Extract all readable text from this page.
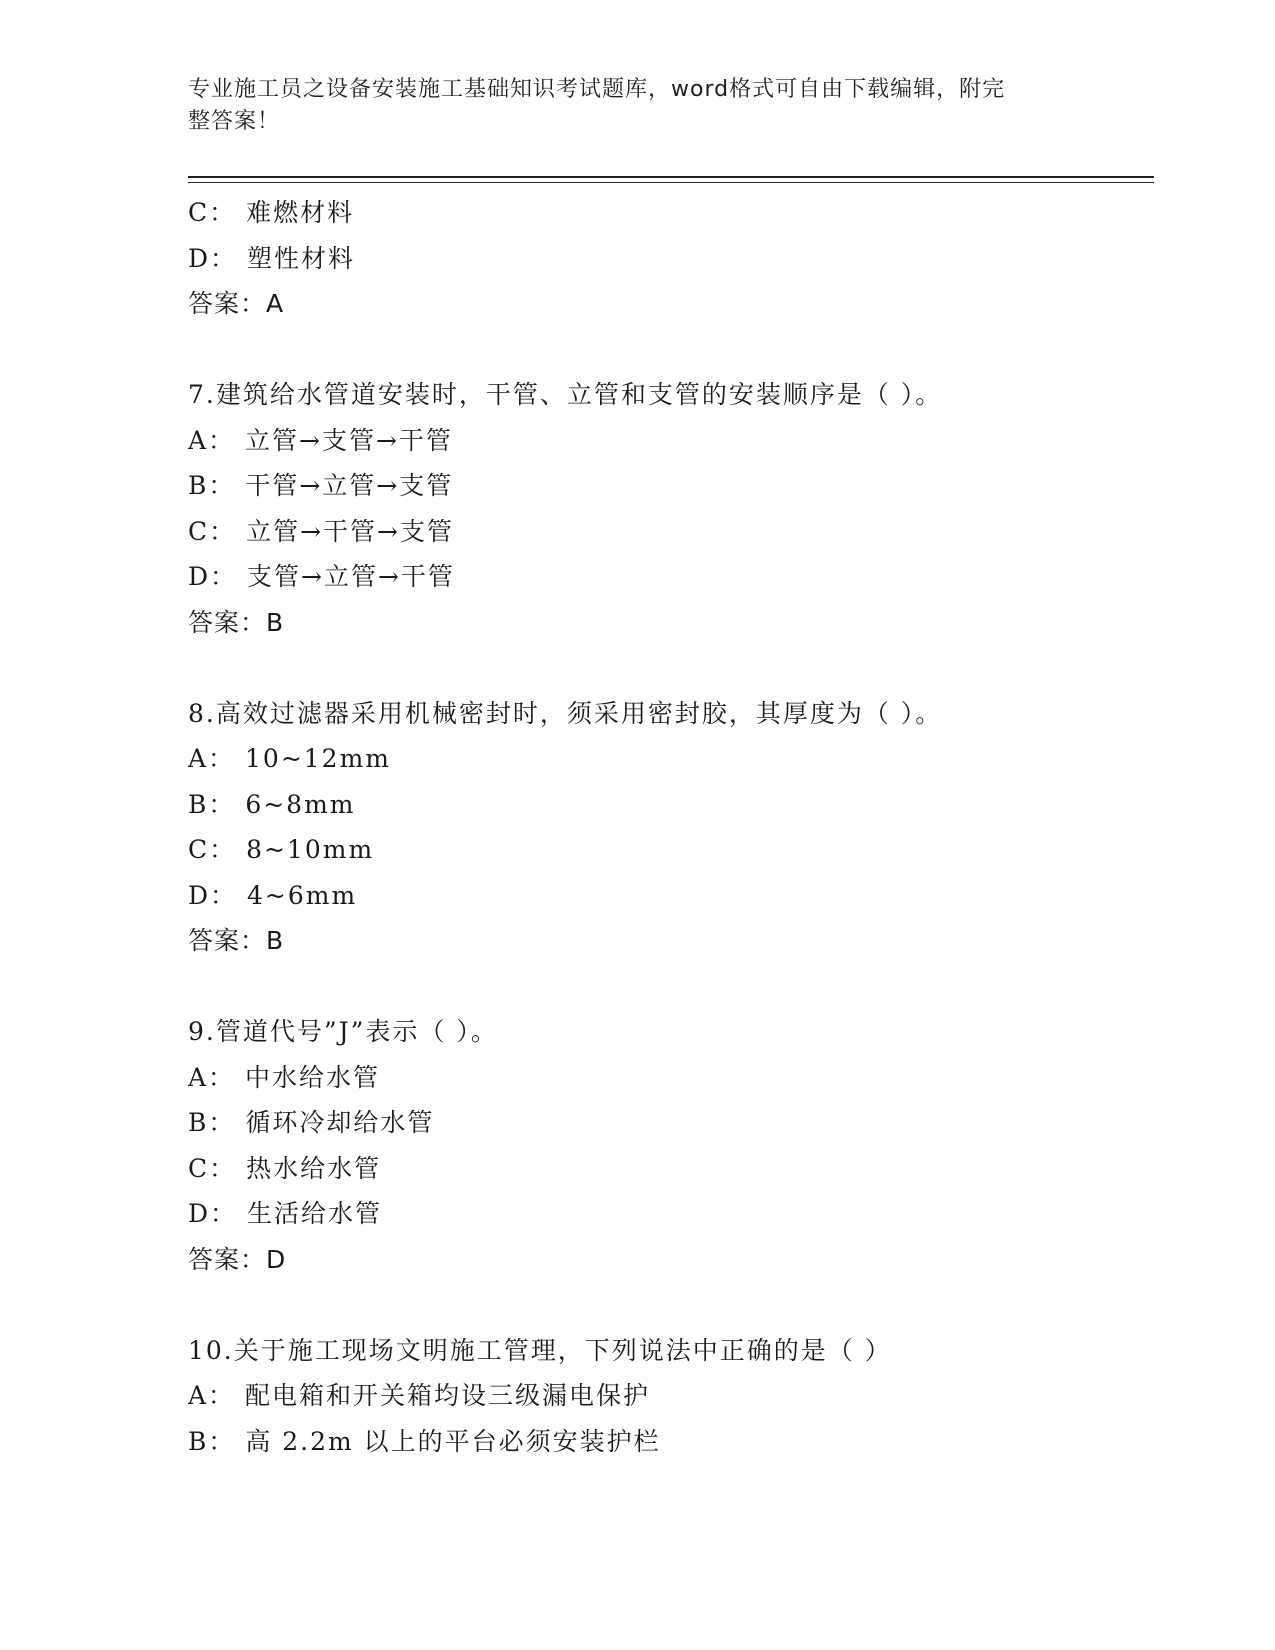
专业施工员之设备安装施工基础知识考试题库，word格式可自由下载编辑，附完
整答案！
C： 难燃材料
D： 塑性材料
答案：A
7.建筑给水管道安装时，干管、立管和支管的安装顺序是（ ）。
A： 立管→支管→干管
B： 干管→立管→支管
C： 立管→干管→支管
D： 支管→立管→干管
答案：B
8.高效过滤器采用机械密封时，须采用密封胶，其厚度为（ ）。
A： 10~12mm
B： 6~8mm
C： 8~10mm
D： 4~6mm
答案：B
9.管道代号”J”表示（ ）。
A： 中水给水管
B： 循环冷却给水管
C： 热水给水管
D： 生活给水管
答案：D
10.关于施工现场文明施工管理，下列说法中正确的是（ ）
A： 配电箱和开关箱均设三级漏电保护
B： 高 2.2m 以上的平台必须安装护栏
